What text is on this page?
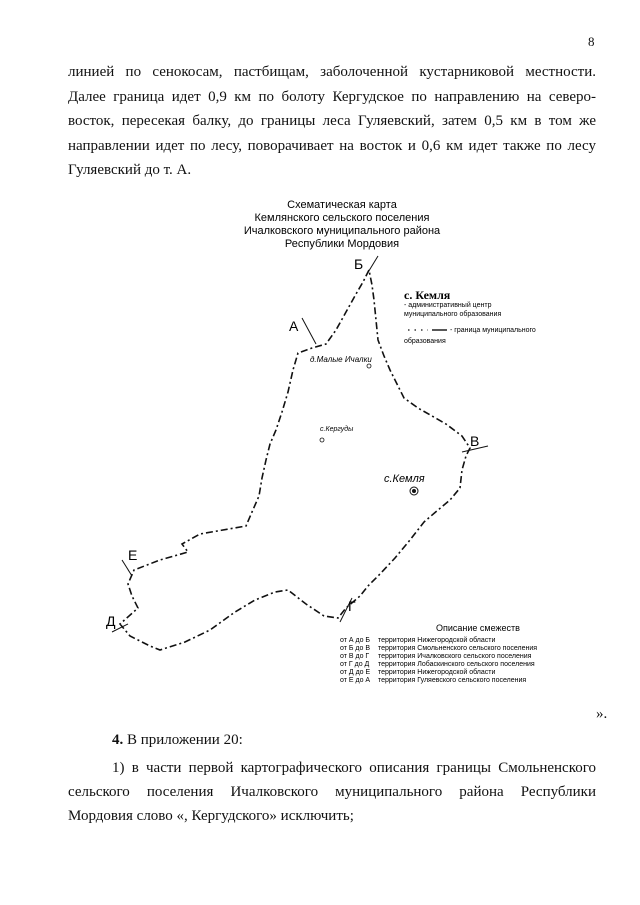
8
линией по сенокосам, пастбищам, заболоченной кустарниковой местности.
Далее граница идет 0,9 км по болоту Кергудское по направлению на северо-
восток, пересекая балку, до границы леса Гуляевский, затем 0,5 км в том же
направлении идет по лесу, поворачивает на восток и 0,6 км идет также по лесу
Гуляевский до т. А.
Схематическая карта
Кемлянского сельского поселения
Ичалковского муниципального района
Республики Мордовия
Б
А
В
Г
Д
Е
с. Кемля
- административный центр
муниципального образования
- граница муниципального
образования
д.Малые Ичалки
с.Кергуды
с.Кемля
Описание смежеств
от А до Б территория Нижегородской области
от Б до В территория Смольненского сельского поселения
от В до Г территория Ичалковского сельского поселения
от Г до Д территория Лобаскинского сельского поселения
от Д до Е территория Нижегородской области
от Е до А территория Гуляевского сельского поселения
».
4. В приложении 20:
1) в части первой картографического описания границы Смольненского
сельского поселения Ичалковского муниципального района Республики
Мордовия слово «, Кергудского» исключить;
